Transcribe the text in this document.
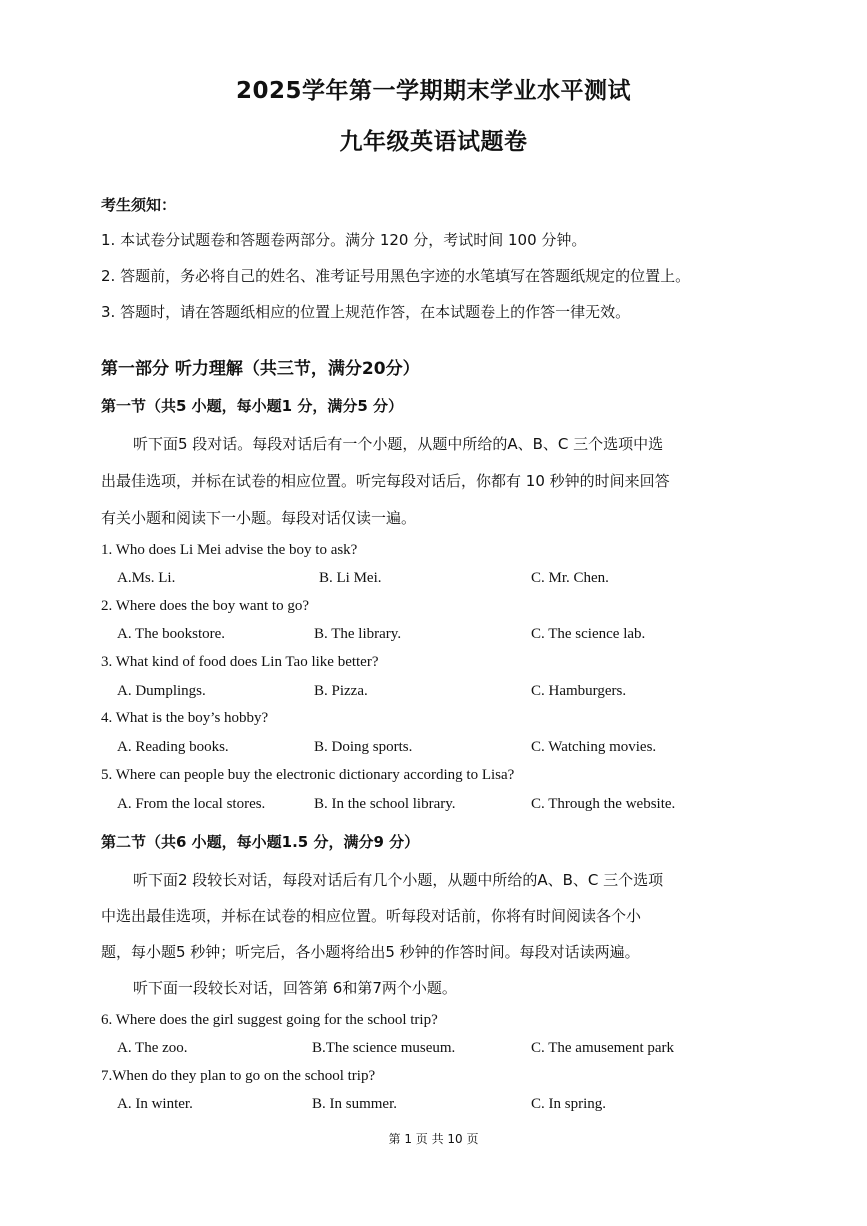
2025学年第一学期期末学业水平测试
九年级英语试题卷
考生须知：
1. 本试卷分试题卷和答题卷两部分。满分 120 分，考试时间 100 分钟。
2. 答题前，务必将自己的姓名、准考证号用黑色字迹的水笔填写在答题纸规定的位置上。
3. 答题时，请在答题纸相应的位置上规范作答，在本试题卷上的作答一律无效。
第一部分 听力理解（共三节，满分20分）
第一节（共5 小题，每小题1 分，满分5 分）
听下面5 段对话。每段对话后有一个小题，从题中所给的A、B、C 三个选项中选
出最佳选项，并标在试卷的相应位置。听完每段对话后，你都有 10 秒钟的时间来回答
有关小题和阅读下一小题。每段对话仅读一遍。
1. Who does Li Mei advise the boy to ask?
A.Ms. Li.	B. Li Mei.	C. Mr. Chen.
2. Where does the boy want to go?
A. The bookstore.	B. The library.	C. The science lab.
3. What kind of food does Lin Tao like better?
A. Dumplings.	B. Pizza.	C. Hamburgers.
4. What is the boy’s hobby?
A. Reading books.	B. Doing sports.	C. Watching movies.
5. Where can people buy the electronic dictionary according to Lisa?
A. From the local stores.	B. In the school library.	C. Through the website.
第二节（共6 小题，每小题1.5 分，满分9 分）
听下面2 段较长对话，每段对话后有几个小题，从题中所给的A、B、C 三个选项
中选出最佳选项，并标在试卷的相应位置。听每段对话前，你将有时间阅读各个小
题，每小题5 秒钟；听完后，各小题将给出5 秒钟的作答时间。每段对话读两遍。
听下面一段较长对话，回答第 6和第7两个小题。
6. Where does the girl suggest going for the school trip?
A. The zoo.	B.The science museum.	C. The amusement park
7.When do they plan to go on the school trip?
A. In winter.	B. In summer.	C. In spring.
第 1 页 共 10 页
